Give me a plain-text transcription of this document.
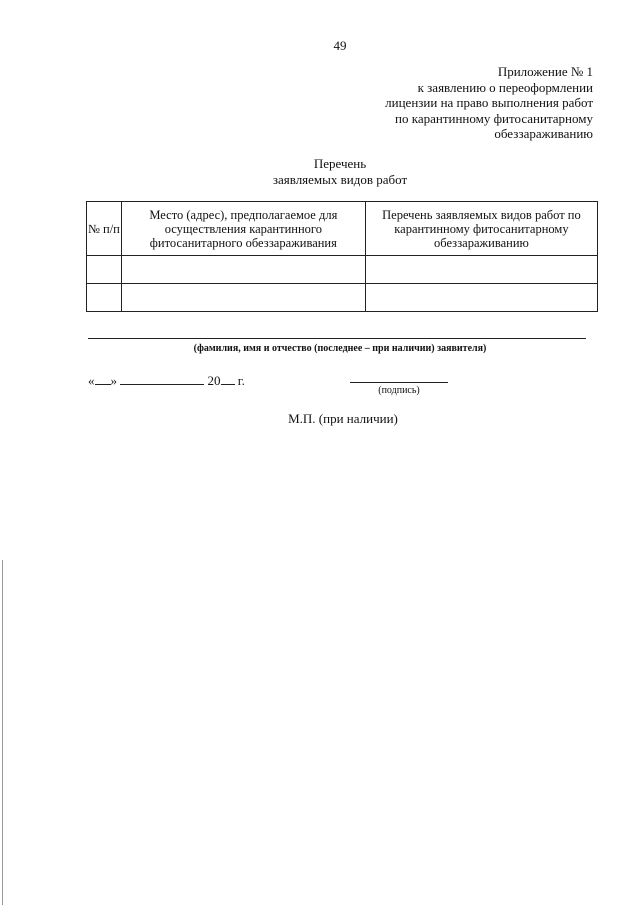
49
Приложение № 1
к заявлению о переоформлении
лицензии на право выполнения работ
по карантинному фитосанитарному
обеззараживанию
Перечень
заявляемых видов работ
№ п/п	Место (адрес), предполагаемое для осуществления карантинного фитосанитарного обеззараживания	Перечень заявляемых видов работ по карантинному фитосанитарному обеззараживанию

(фамилия, имя и отчество (последнее – при наличии) заявителя)
« »	20 г.
(подпись)
М.П. (при наличии)
